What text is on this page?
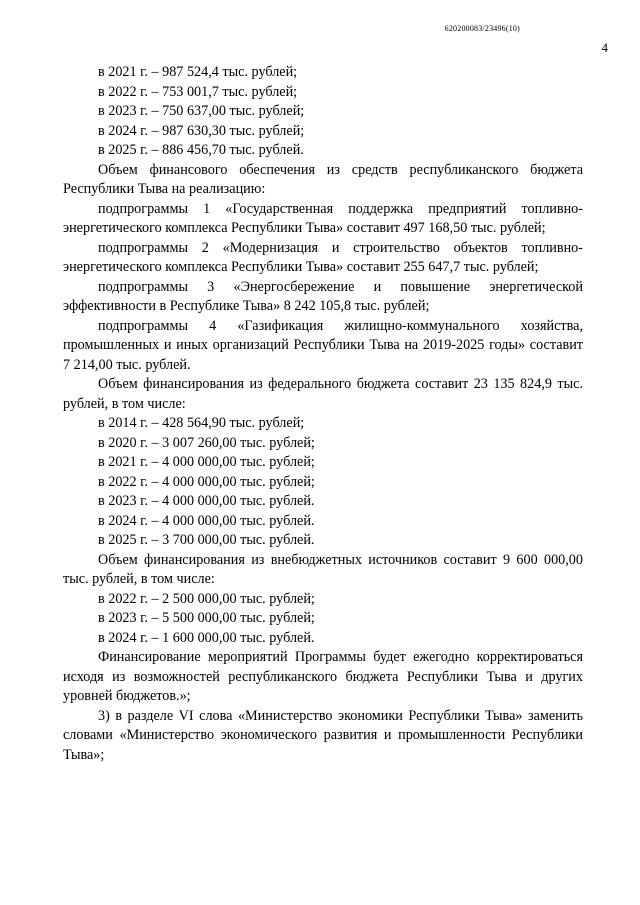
620200083/23496(10)
4

в 2021 г. – 987 524,4 тыс. рублей;

в 2022 г. – 753 001,7 тыс. рублей;

в 2023 г. – 750 637,00 тыс. рублей;

в 2024 г. – 987 630,30 тыс. рублей;

в 2025 г. – 886 456,70 тыс. рублей.

Объем финансового обеспечения из средств республиканского бюджета Республики Тыва на реализацию:

подпрограммы 1 «Государственная поддержка предприятий топливно-энергетического комплекса Республики Тыва» составит 497 168,50 тыс. рублей;

подпрограммы 2 «Модернизация и строительство объектов топливно-энергетического комплекса Республики Тыва» составит 255 647,7 тыс. рублей;

подпрограммы 3 «Энергосбережение и повышение энергетической эффективности в Республике Тыва» 8 242 105,8 тыс. рублей;

подпрограммы 4 «Газификация жилищно-коммунального хозяйства, промышленных и иных организаций Республики Тыва на 2019-2025 годы» составит 7 214,00 тыс. рублей.

Объем финансирования из федерального бюджета составит 23 135 824,9 тыс. рублей, в том числе:

в 2014 г. – 428 564,90 тыс. рублей;

в 2020 г. – 3 007 260,00 тыс. рублей;

в 2021 г. – 4 000 000,00 тыс. рублей;

в 2022 г. – 4 000 000,00 тыс. рублей;

в 2023 г. – 4 000 000,00 тыс. рублей.

в 2024 г. – 4 000 000,00 тыс. рублей.

в 2025 г. – 3 700 000,00 тыс. рублей.

Объем финансирования из внебюджетных источников составит 9 600 000,00 тыс. рублей, в том числе:

в 2022 г. – 2 500 000,00 тыс. рублей;

в 2023 г. – 5 500 000,00 тыс. рублей;

в 2024 г. – 1 600 000,00 тыс. рублей.

Финансирование мероприятий Программы будет ежегодно корректироваться исходя из возможностей республиканского бюджета Республики Тыва и других уровней бюджетов.»;

3) в разделе VI слова «Министерство экономики Республики Тыва» заменить словами «Министерство экономического развития и промышленности Республики Тыва»;
